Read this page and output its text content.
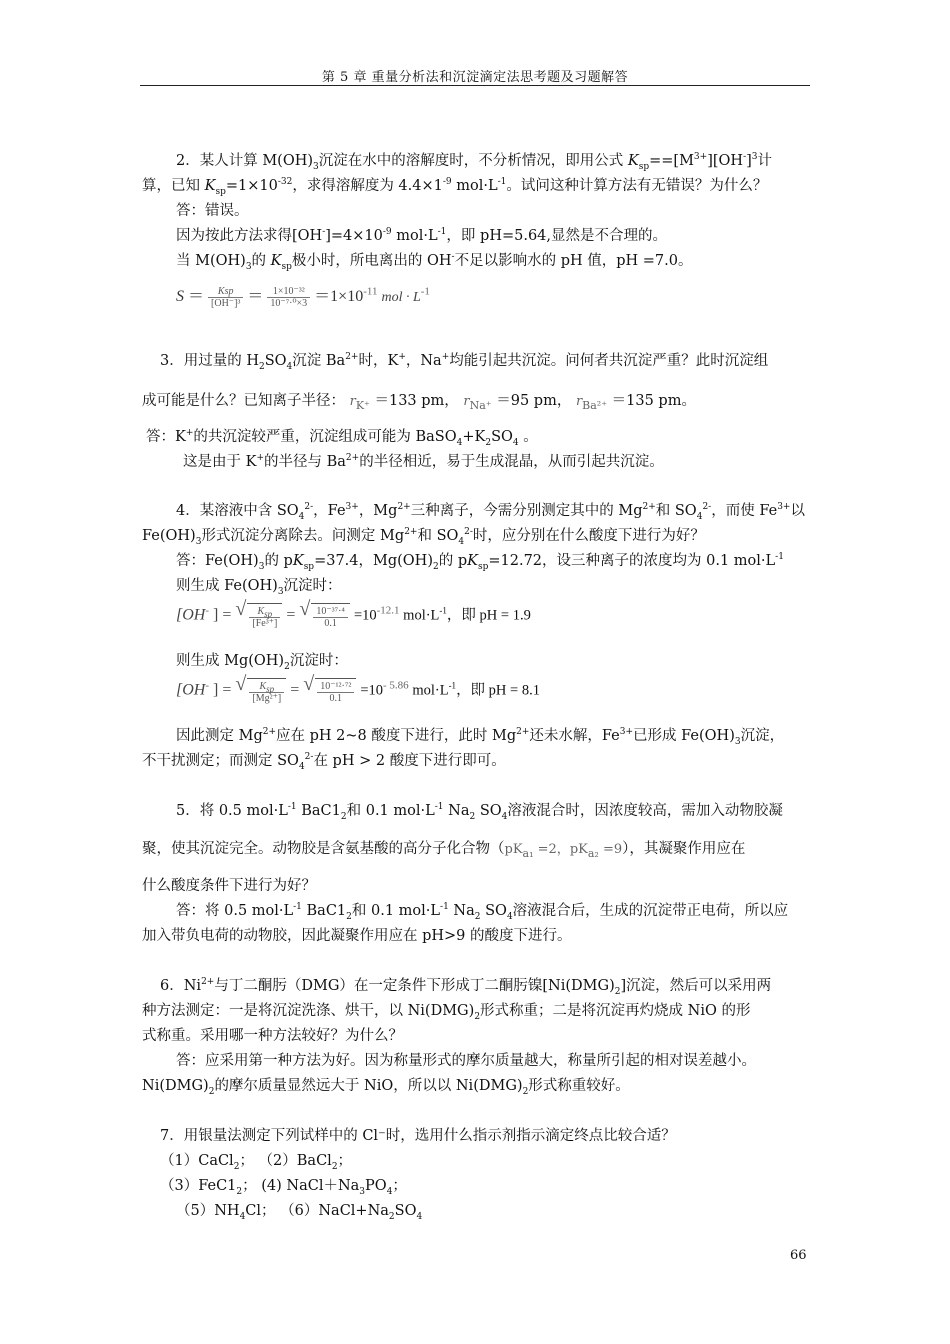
第 5 章 重量分析法和沉淀滴定法思考题及习题解答
2．某人计算 $M(OH)_3$沉淀在水中的溶解度时，不分析情况，即用公式 $K_{sp}==[M^{3+}][OH^-]^3$计
算，已知 $K_{sp}=1\times 10^{-32}$，求得溶解度为 $4.4\times 1^{-9}$ $mol\cdot L^{-1}$。试问这种计算方法有无错误？为什么？
答：错误。
因为按此方法求得$[OH^-]=4\times 10^{-9}$ $mol\cdot L^{-1}$，即 pH=5.64,显然是不合理的。
当 $M(OH)_3$的 $K_{sp}$极小时，所电离出的 OH-不足以影响水的 pH 值，pH =7.0。
$S = \frac{\text{Ksp}}{\text{[OH⁻]³}} = \frac{\text{1×10⁻³²}}{\text{10⁻⁷·⁰×3}} =1\times 10^{-11}$ mol · $L^{-1}$
3．用过量的 $H_2SO_4$沉淀 $Ba^{2+}$时，K+，Na+均能引起共沉淀。问何者共沉淀严重？此时沉淀组
成可能是什么？已知离子半径： $r_{K^+} =133$ pm， $r_{Na^+} =95$ pm， $r_{Ba^{2+}} =135$ pm。
答：K+的共沉淀较严重，沉淀组成可能为 $BaSO_4+K_2SO_4$ 。
这是由于 K+的半径与 $Ba^{2+}$的半径相近，易于生成混晶，从而引起共沉淀。
4．某溶液中含 $SO_4^{2-}$，$Fe^{3+}$，$Mg^{2+}$三种离子，今需分别测定其中的 $Mg^{2+}$和 $SO_4^{2-}$，而使 $Fe^{3+}$以
$Fe(OH)_3$形式沉淀分离除去。问测定 $Mg^{2+}$和 $SO_4^{2-}$时，应分别在什么酸度下进行为好？
答：$Fe(OH)_3$的 $pK_{sp}=37.4$，$Mg(OH)_2$的 $pK_{sp}=12.72$，设三种离子的浓度均为 0.1 $mol\cdot L^{-1}$
则生成 $Fe(OH)_3$沉淀时：
[OH- ] = √ $\frac{K_{sp}}{\text{[Fe³⁺]}}$ = √ $\frac{\text{10⁻³⁷·⁴}}{0.1} =10^{-12.1}$ $mol\cdot L^{-1}$，即 pH = 1.9
则生成 $Mg(OH)_2$沉淀时：
[OH- ] = √ $\frac{K_{sp}}{\text{[Mg²⁺]}}$ = √ $\frac{\text{10⁻¹²·⁷²}}{0.1} =10^{- 5.86}$ $mol\cdot L^{-1}$，即 pH = 8.1
因此测定 $Mg^{2+}$应在 pH 2~8 酸度下进行，此时 $Mg^{2+}$还未水解，$Fe^{3+}$已形成 $Fe(OH)_3$沉淀，
不干扰测定；而测定 $SO_4^{2-}$在 pH > 2 酸度下进行即可。
5．将 0.5 $mol\cdot L^{-1}$ $BaC1_2$和 0.1 $mol\cdot L^{-1}$ $Na_2$ $SO_4$溶液混合时，因浓度较高，需加入动物胶凝
聚，使其沉淀完全。动物胶是含氨基酸的高分子化合物（$pK_{a_1} =2$，$pK_{a_2} =9$），其凝聚作用应在
什么酸度条件下进行为好？
答：将 0.5 $mol\cdot L^{-1}$ $BaC1_2$和 0.1 $mol\cdot L^{-1}$ $Na_2$ $SO_4$溶液混合后，生成的沉淀带正电荷，所以应
加入带负电荷的动物胶，因此凝聚作用应在 pH>9 的酸度下进行。
6．$Ni^{2+}$与丁二酮肟（DMG）在一定条件下形成丁二酮肟镍$[Ni(DMG)_2]$沉淀，然后可以采用两
种方法测定：一是将沉淀洗涤、烘干，以 $Ni(DMG)_2$形式称重；二是将沉淀再灼烧成 NiO 的形
式称重。采用哪一种方法较好？为什么？
答：应采用第一种方法为好。因为称量形式的摩尔质量越大，称量所引起的相对误差越小。
$Ni(DMG)_2$的摩尔质量显然远大于 NiO，所以以 $Ni(DMG)_2$形式称重较好。
7．用银量法测定下列试样中的 Cl⁻时，选用什么指示剂指示滴定终点比较合适？
（1）CaCl$_2$； （2）BaCl$_2$；
$(3)FeC1_2$； (4) $NaCl+Na_3PO_4$；
$(5)NH_4Cl$； $(6)NaCl+Na_2SO_4$
66
